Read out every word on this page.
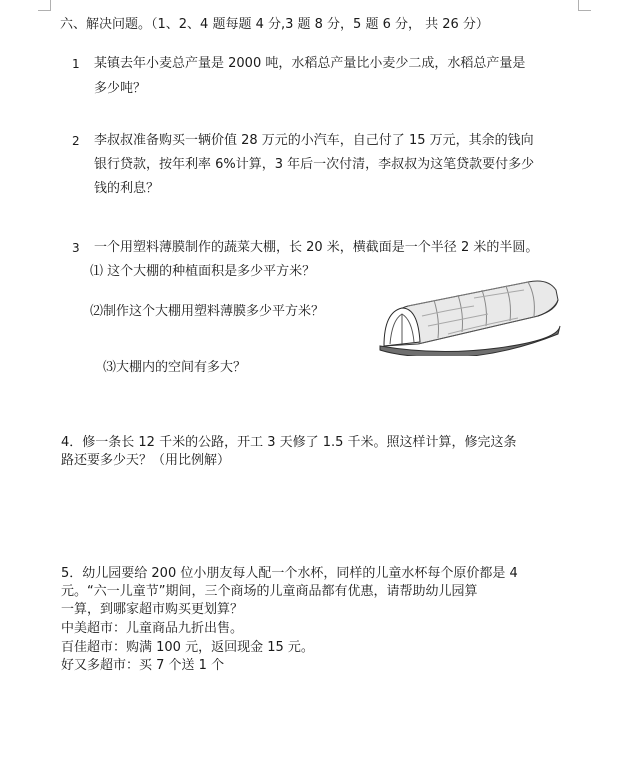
六、解决问题。（1、2、4 题每题 4 分,3 题 8 分，5 题 6 分， 共 26 分）
1 某镇去年小麦总产量是 2000 吨，水稻总产量比小麦少二成，水稻总产量是
多少吨？
2 李叔叔准备购买一辆价值 28 万元的小汽车，自己付了 15 万元，其余的钱向
银行贷款，按年利率 6%计算，3 年后一次付清，李叔叔为这笔贷款要付多少
钱的利息？
3 一个用塑料薄膜制作的蔬菜大棚，长 20 米，横截面是一个半径 2 米的半圆。
⑴ 这个大棚的种植面积是多少平方米？
⑵制作这个大棚用塑料薄膜多少平方米？
⑶大棚内的空间有多大？
4．修一条长 12 千米的公路，开工 3 天修了 1.5 千米。照这样计算，修完这条
路还要多少天？（用比例解）
5．幼儿园要给 200 位小朋友每人配一个水杯，同样的儿童水杯每个原价都是 4
元。“六一儿童节”期间，三个商场的儿童商品都有优惠，请帮助幼儿园算
一算，到哪家超市购买更划算？
中美超市：儿童商品九折出售。
百佳超市：购满 100 元，返回现金 15 元。
好又多超市：买 7 个送 1 个
